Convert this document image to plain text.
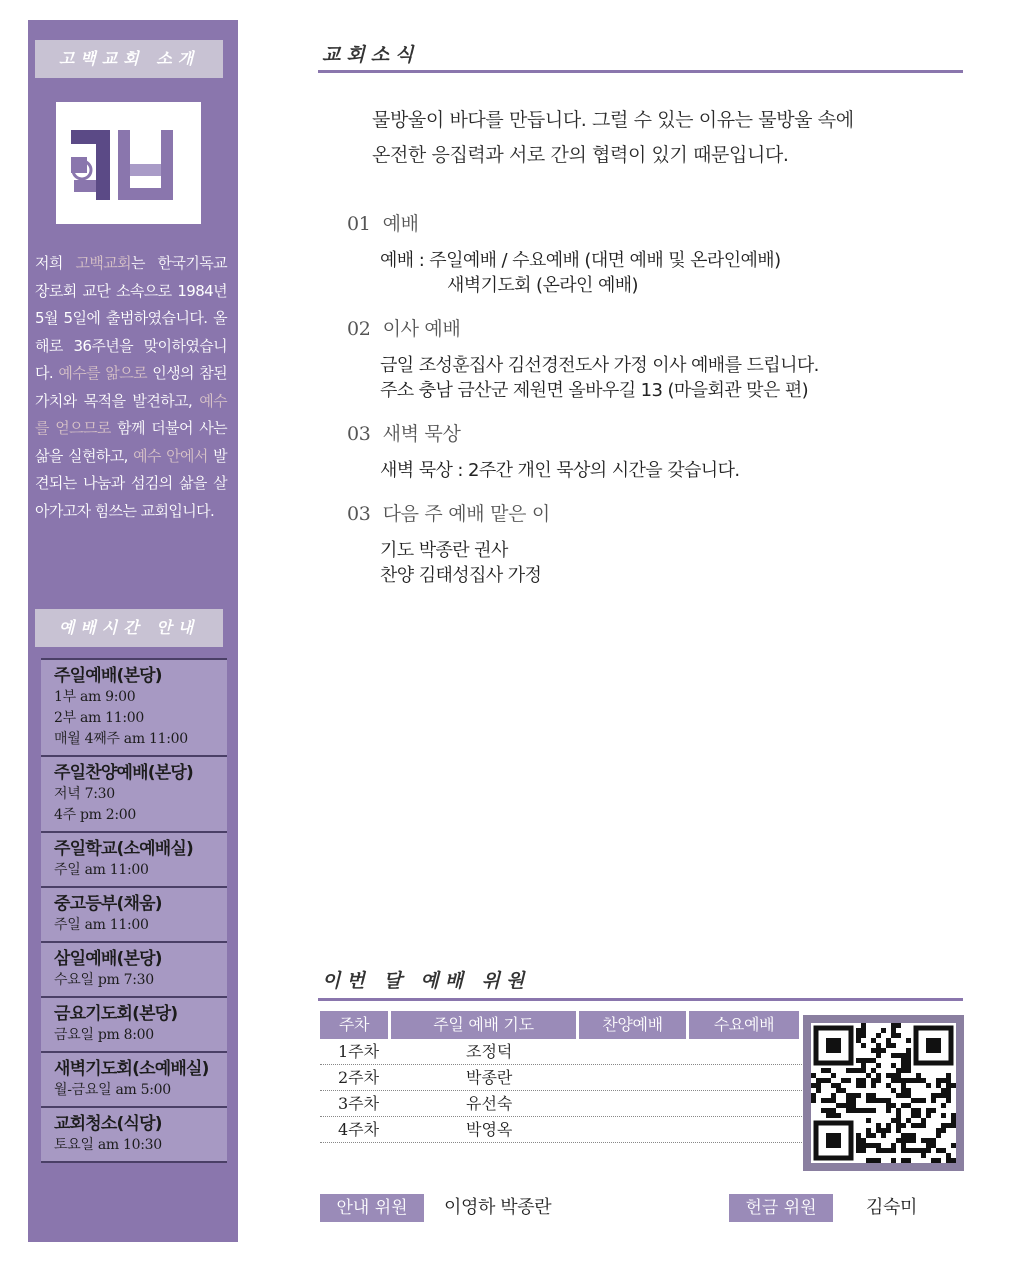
고백교회 소개
저희 고백교회는 한국기독교 장로회 교단 소속으로 1984년 5월 5일에 출범하였습니다. 올해로 36주년을 맞이하였습니다. 예수를 앎으로 인생의 참된 가치와 목적을 발견하고, 예수를 얻으므로 함께 더불어 사는 삶을 실현하고, 예수 안에서 발견되는 나눔과 섬김의 삶을 살아가고자 힘쓰는 교회입니다.
예배시간 안내
주일예배(본당)
1부 am 9:00
2부 am 11:00
매월 4째주 am 11:00
주일찬양예배(본당)
저녁 7:30
4주 pm 2:00
주일학교(소예배실)
주일 am 11:00
중고등부(채움)
주일 am 11:00
삼일예배(본당)
수요일 pm 7:30
금요기도회(본당)
금요일 pm 8:00
새벽기도회(소예배실)
월-금요일 am 5:00
교회청소(식당)
토요일 am 10:30
교회소식
물방울이 바다를 만듭니다. 그럴 수 있는 이유는 물방울 속에
온전한 응집력과 서로 간의 협력이 있기 때문입니다.
01 예배
예배 : 주일예배 / 수요예배 (대면 예배 및 온라인예배)
새벽기도회 (온라인 예배)
02 이사 예배
금일 조성훈집사 김선경전도사 가정 이사 예배를 드립니다.
주소 충남 금산군 제원면 올바우길 13 (마을회관 맞은 편)
03 새벽 묵상
새벽 묵상 : 2주간 개인 묵상의 시간을 갖습니다.
03 다음 주 예배 맡은 이
기도 박종란 권사
찬양 김태성집사 가정
이번 달 예배 위원
주차	주일 예배 기도	찬양예배	수요예배
1주차	조정덕
2주차	박종란
3주차	유선숙
4주차	박영옥
안내 위원	이영하 박종란	헌금 위원	김숙미
